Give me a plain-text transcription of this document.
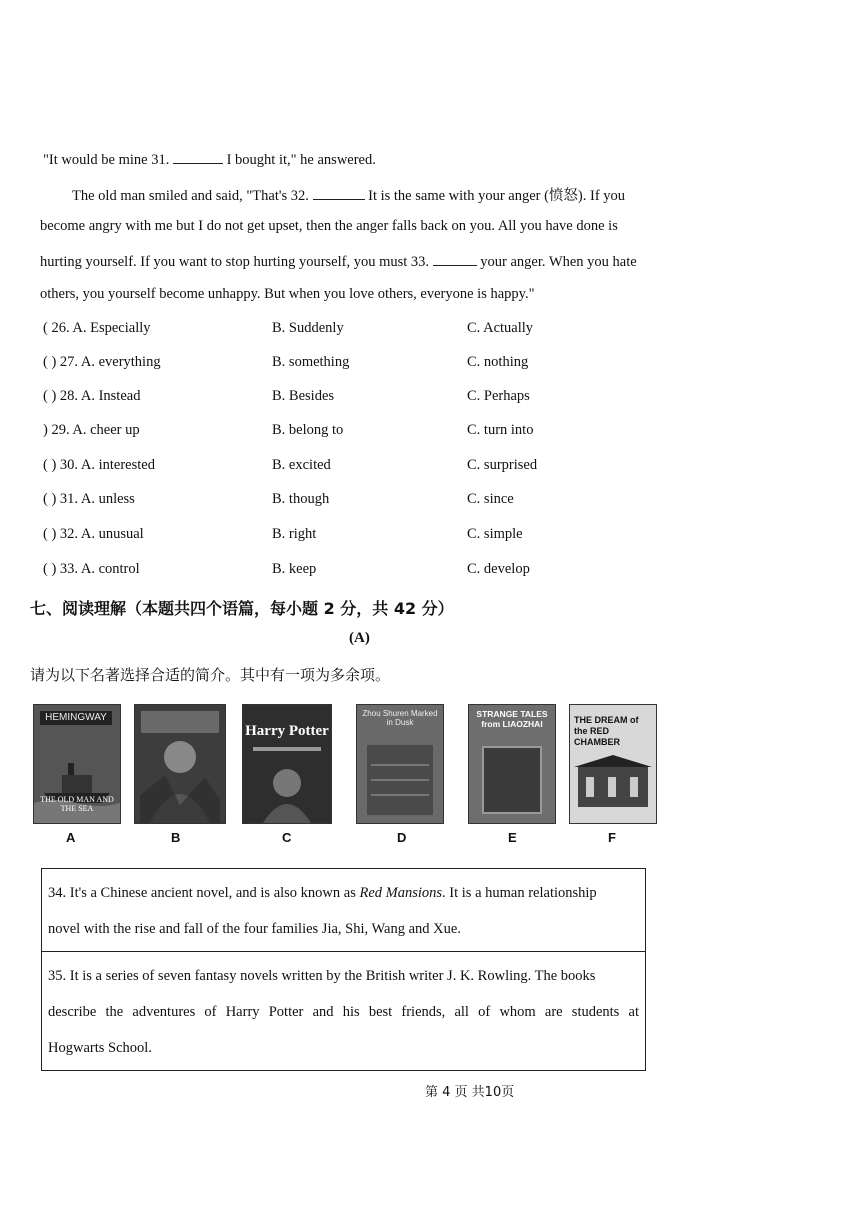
"It would be mine 31.	I bought it," he answered.
The old man smiled and said, "That's 32.	It is the same with your anger (愤怒). If you
become angry with me but I do not get upset, then the anger falls back on you. All you have done is
hurting yourself. If you want to stop hurting yourself, you must 33.	your anger. When you hate
others, you yourself become unhappy. But when you love others, everyone is happy."
( 26. A. Especially	B. Suddenly	C. Actually
( ) 27. A. everything	B. something	C. nothing
( ) 28. A. Instead	B. Besides	C. Perhaps
) 29. A. cheer up	B. belong to	C. turn into
( ) 30. A. interested	B. excited	C. surprised
( ) 31. A. unless	B. though	C. since
( ) 32. A. unusual	B. right	C. simple
( ) 33. A. control	B. keep	C. develop
七、阅读理解（本题共四个语篇，每小题 2 分，共 42 分）
(A)
请为以下名著选择合适的简介。其中有一项为多余项。
HEMINGWAY
THE OLD MAN AND THE SEA
A	B
Harry Potter
C
Zhou Shuren Marked in Dusk
D
STRANGE TALES from LIAOZHAI
E
THE DREAM of the RED CHAMBER
F
34. It's a Chinese ancient novel, and is also known as Red Mansions. It is a human relationship
novel with the rise and fall of the four families Jia, Shi, Wang and Xue.
35. It is a series of seven fantasy novels written by the British writer J. K. Rowling. The books
describe the adventures of Harry Potter and his best friends, all of whom are students at
Hogwarts School.
第 4 页 共10页
